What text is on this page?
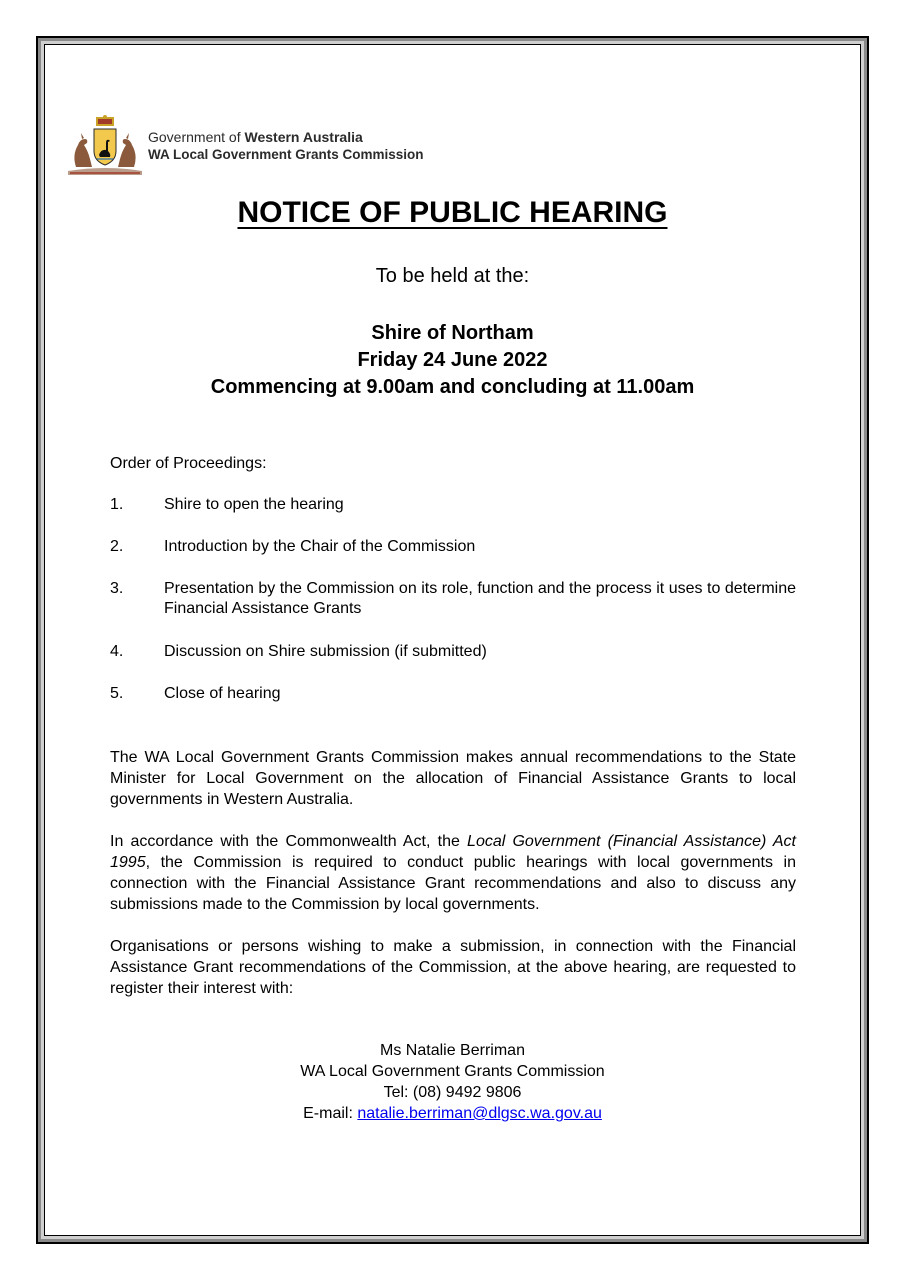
Government of Western Australia
WA Local Government Grants Commission
NOTICE OF PUBLIC HEARING
To be held at the:
Shire of Northam
Friday 24 June 2022
Commencing at 9.00am and concluding at 11.00am
Order of Proceedings:
1.	Shire to open the hearing
2.	Introduction by the Chair of the Commission
3.	Presentation by the Commission on its role, function and the process it uses to determine Financial Assistance Grants
4.	Discussion on Shire submission (if submitted)
5.	Close of hearing
The WA Local Government Grants Commission makes annual recommendations to the State Minister for Local Government on the allocation of Financial Assistance Grants to local governments in Western Australia.
In accordance with the Commonwealth Act, the Local Government (Financial Assistance) Act 1995, the Commission is required to conduct public hearings with local governments in connection with the Financial Assistance Grant recommendations and also to discuss any submissions made to the Commission by local governments.
Organisations or persons wishing to make a submission, in connection with the Financial Assistance Grant recommendations of the Commission, at the above hearing, are requested to register their interest with:
Ms Natalie Berriman
WA Local Government Grants Commission
Tel: (08) 9492 9806
E-mail: natalie.berriman@dlgsc.wa.gov.au
